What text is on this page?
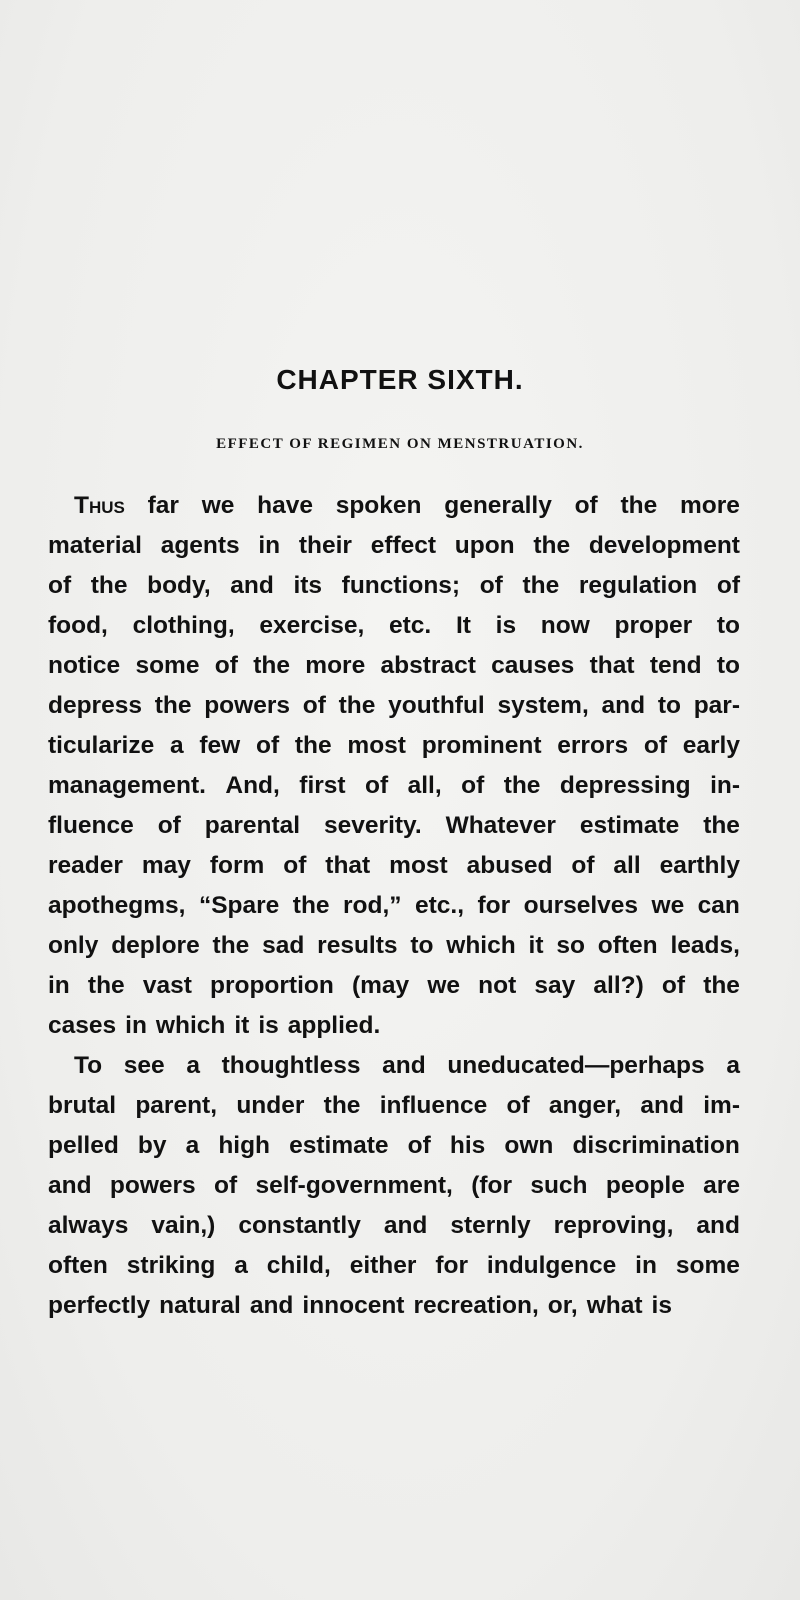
CHAPTER SIXTH.
EFFECT OF REGIMEN ON MENSTRUATION.
Thus far we have spoken generally of the more
material agents in their effect upon the development
of the body, and its functions; of the regulation of
food, clothing, exercise, etc. It is now proper to
notice some of the more abstract causes that tend to
depress the powers of the youthful system, and to par-
ticularize a few of the most prominent errors of early
management. And, first of all, of the depressing in-
fluence of parental severity. Whatever estimate the
reader may form of that most abused of all earthly
apothegms, “Spare the rod,” etc., for ourselves we can
only deplore the sad results to which it so often leads,
in the vast proportion (may we not say all?) of the
cases in which it is applied.
To see a thoughtless and uneducated—perhaps a
brutal parent, under the influence of anger, and im-
pelled by a high estimate of his own discrimination
and powers of self-government, (for such people are
always vain,) constantly and sternly reproving, and
often striking a child, either for indulgence in some
perfectly natural and innocent recreation, or, what is
